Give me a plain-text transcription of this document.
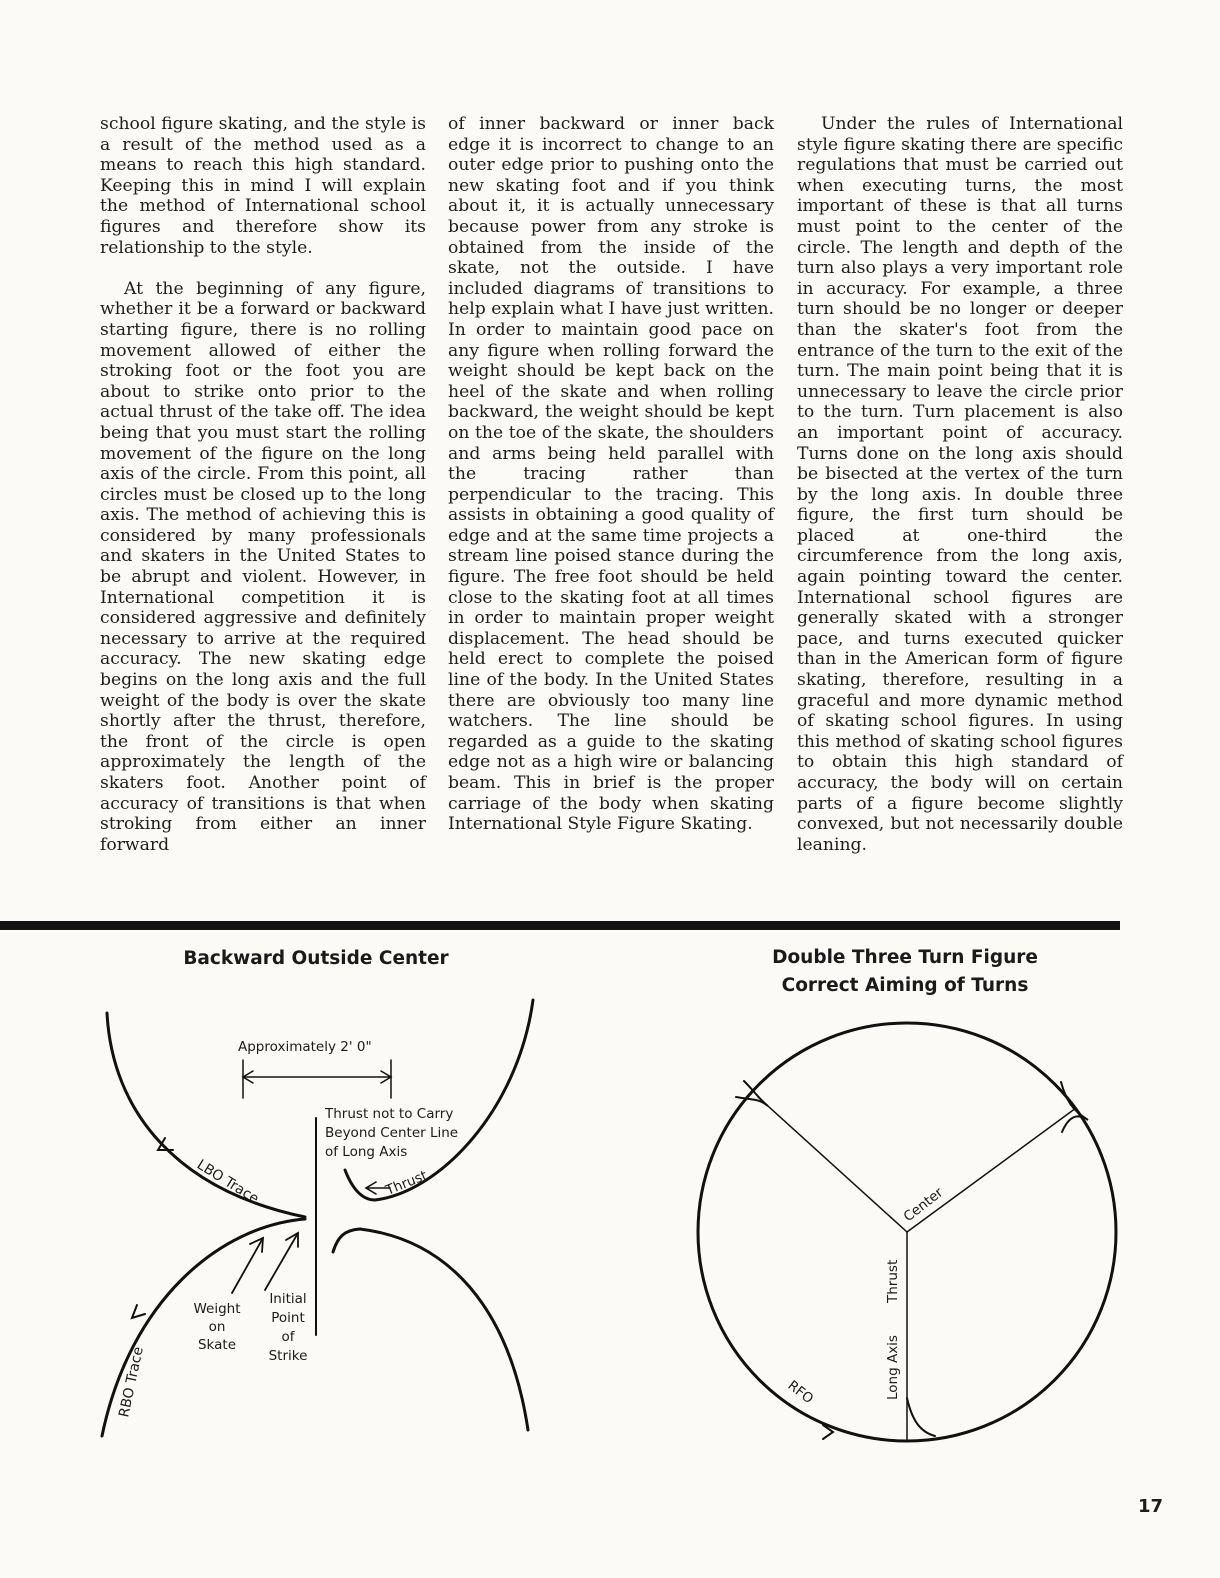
school figure skating, and the style is a result of the method used as a means to reach this high standard. Keeping this in mind I will explain the method of International school figures and therefore show its relationship to the style.

At the beginning of any figure, whether it be a forward or backward starting figure, there is no rolling movement allowed of either the stroking foot or the foot you are about to strike onto prior to the actual thrust of the take off. The idea being that you must start the rolling movement of the figure on the long axis of the circle. From this point, all circles must be closed up to the long axis. The method of achieving this is considered by many professionals and skaters in the United States to be abrupt and violent. However, in International competition it is considered aggressive and definitely necessary to arrive at the required accuracy. The new skating edge begins on the long axis and the full weight of the body is over the skate shortly after the thrust, therefore, the front of the circle is open approximately the length of the skaters foot. Another point of accuracy of transitions is that when stroking from either an inner forward

of inner backward or inner back edge it is incorrect to change to an outer edge prior to pushing onto the new skating foot and if you think about it, it is actually unnecessary because power from any stroke is obtained from the inside of the skate, not the outside. I have included diagrams of transitions to help explain what I have just written. In order to maintain good pace on any figure when rolling forward the weight should be kept back on the heel of the skate and when rolling backward, the weight should be kept on the toe of the skate, the shoulders and arms being held parallel with the tracing rather than perpendicular to the tracing. This assists in obtaining a good quality of edge and at the same time projects a stream line poised stance during the figure. The free foot should be held close to the skating foot at all times in order to maintain proper weight displacement. The head should be held erect to complete the poised line of the body. In the United States there are obviously too many line watchers. The line should be regarded as a guide to the skating edge not as a high wire or balancing beam. This in brief is the proper carriage of the body when skating International Style Figure Skating.

Under the rules of International style figure skating there are specific regulations that must be carried out when executing turns, the most important of these is that all turns must point to the center of the circle. The length and depth of the turn also plays a very important role in accuracy. For example, a three turn should be no longer or deeper than the skater's foot from the entrance of the turn to the exit of the turn. The main point being that it is unnecessary to leave the circle prior to the turn. Turn placement is also an important point of accuracy. Turns done on the long axis should be bisected at the vertex of the turn by the long axis. In double three figure, the first turn should be placed at one-third the circumference from the long axis, again pointing toward the center. International school figures are generally skated with a stronger pace, and turns executed quicker than in the American form of figure skating, therefore, resulting in a graceful and more dynamic method of skating school figures. In using this method of skating school figures to obtain this high standard of accuracy, the body will on certain parts of a figure become slightly convexed, but not necessarily double leaning.

Backward Outside Center	Double Three Turn Figure
Correct Aiming of Turns
Approximately 2' 0"
Thrust not to Carry
Beyond Center Line
of Long Axis
Thrust
LBO Trace
RBO Trace
Weight
on
Skate
Initial
Point
of
Strike
Center
Thrust
Long Axis
RFO
17
